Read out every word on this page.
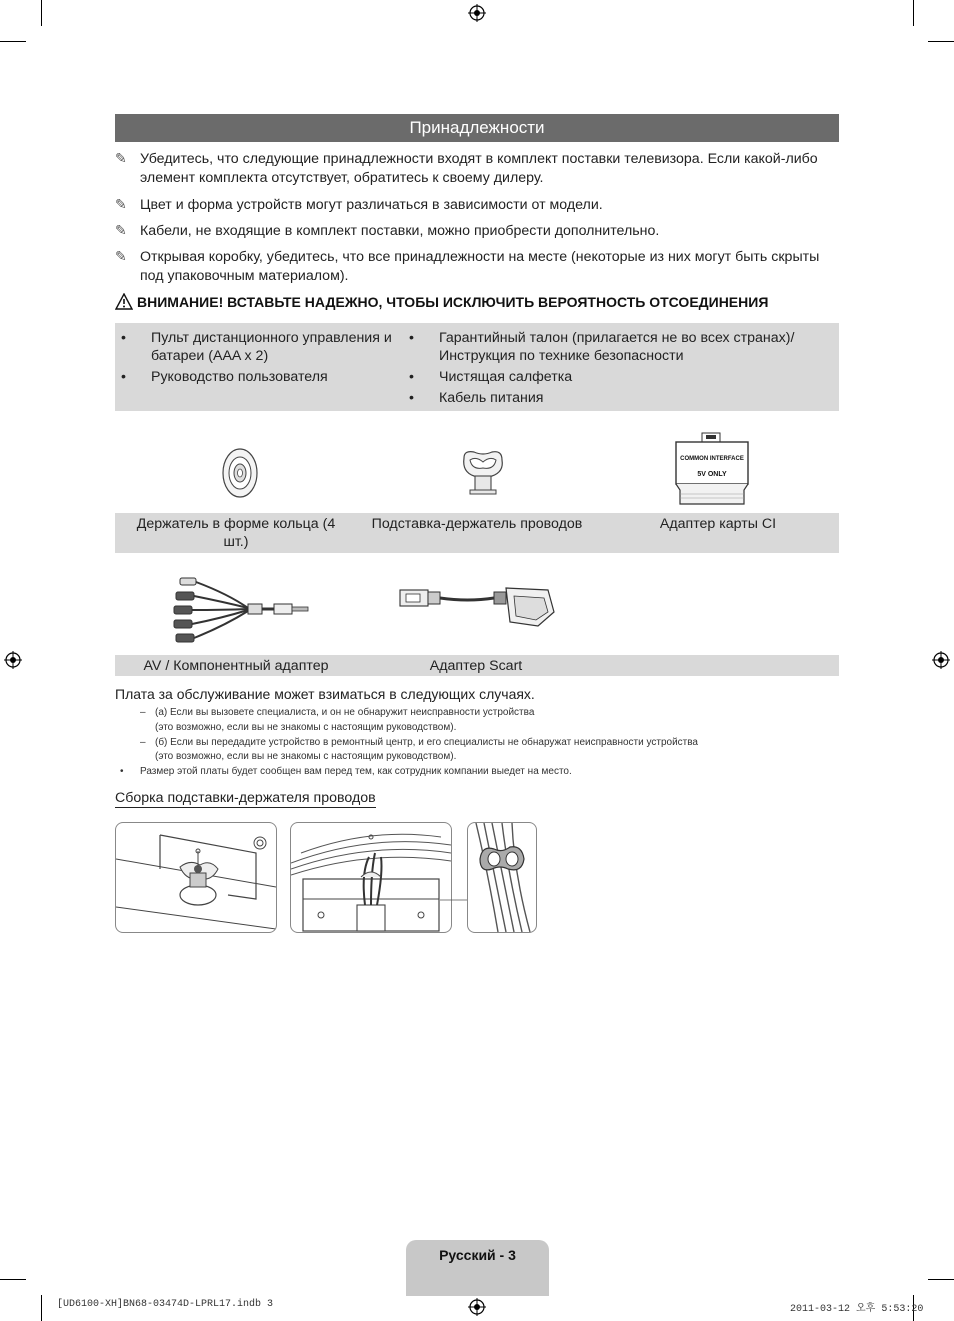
Принадлежности
✎ Убедитесь, что следующие принадлежности входят в комплект поставки телевизора. Если какой-либо элемент комплекта отсутствует, обратитесь к своему дилеру.
✎ Цвет и форма устройств могут различаться в зависимости от модели.
✎ Кабели, не входящие в комплект поставки, можно приобрести дополнительно.
✎ Открывая коробку, убедитесь, что все принадлежности на месте (некоторые из них могут быть скрыты под упаковочным материалом).
ВНИМАНИЕ! ВСТАВЬТЕ НАДЕЖНО, ЧТОБЫ ИСКЛЮЧИТЬ ВЕРОЯТНОСТЬ ОТСОЕДИНЕНИЯ
• Пульт дистанционного управления и батареи (AAA x 2)
• Руководство пользователя
• Гарантийный талон (прилагается не во всех странах)/ Инструкция по технике безопасности
• Чистящая салфетка
• Кабель питания
COMMON INTERFACE
5V ONLY
Держатель в форме кольца (4 шт.)
Подставка-держатель проводов	Адаптер карты CI
AV / Компонентный адаптер	Адаптер Scart
Плата за обслуживание может взиматься в следующих случаях.
– (а) Если вы вызовете специалиста, и он не обнаружит неисправности устройства
(это возможно, если вы не знакомы с настоящим руководством).
– (б) Если вы передадите устройство в ремонтный центр, и его специалисты не обнаружат неисправности устройства
(это возможно, если вы не знакомы с настоящим руководством).
• Размер этой платы будет сообщен вам перед тем, как сотрудник компании выедет на место.
Сборка подставки-держателя проводов
Русский - 3
[UD6100-XH]BN68-03474D-LPRL17.indb 3	2011-03-12 오후 5:53:20
